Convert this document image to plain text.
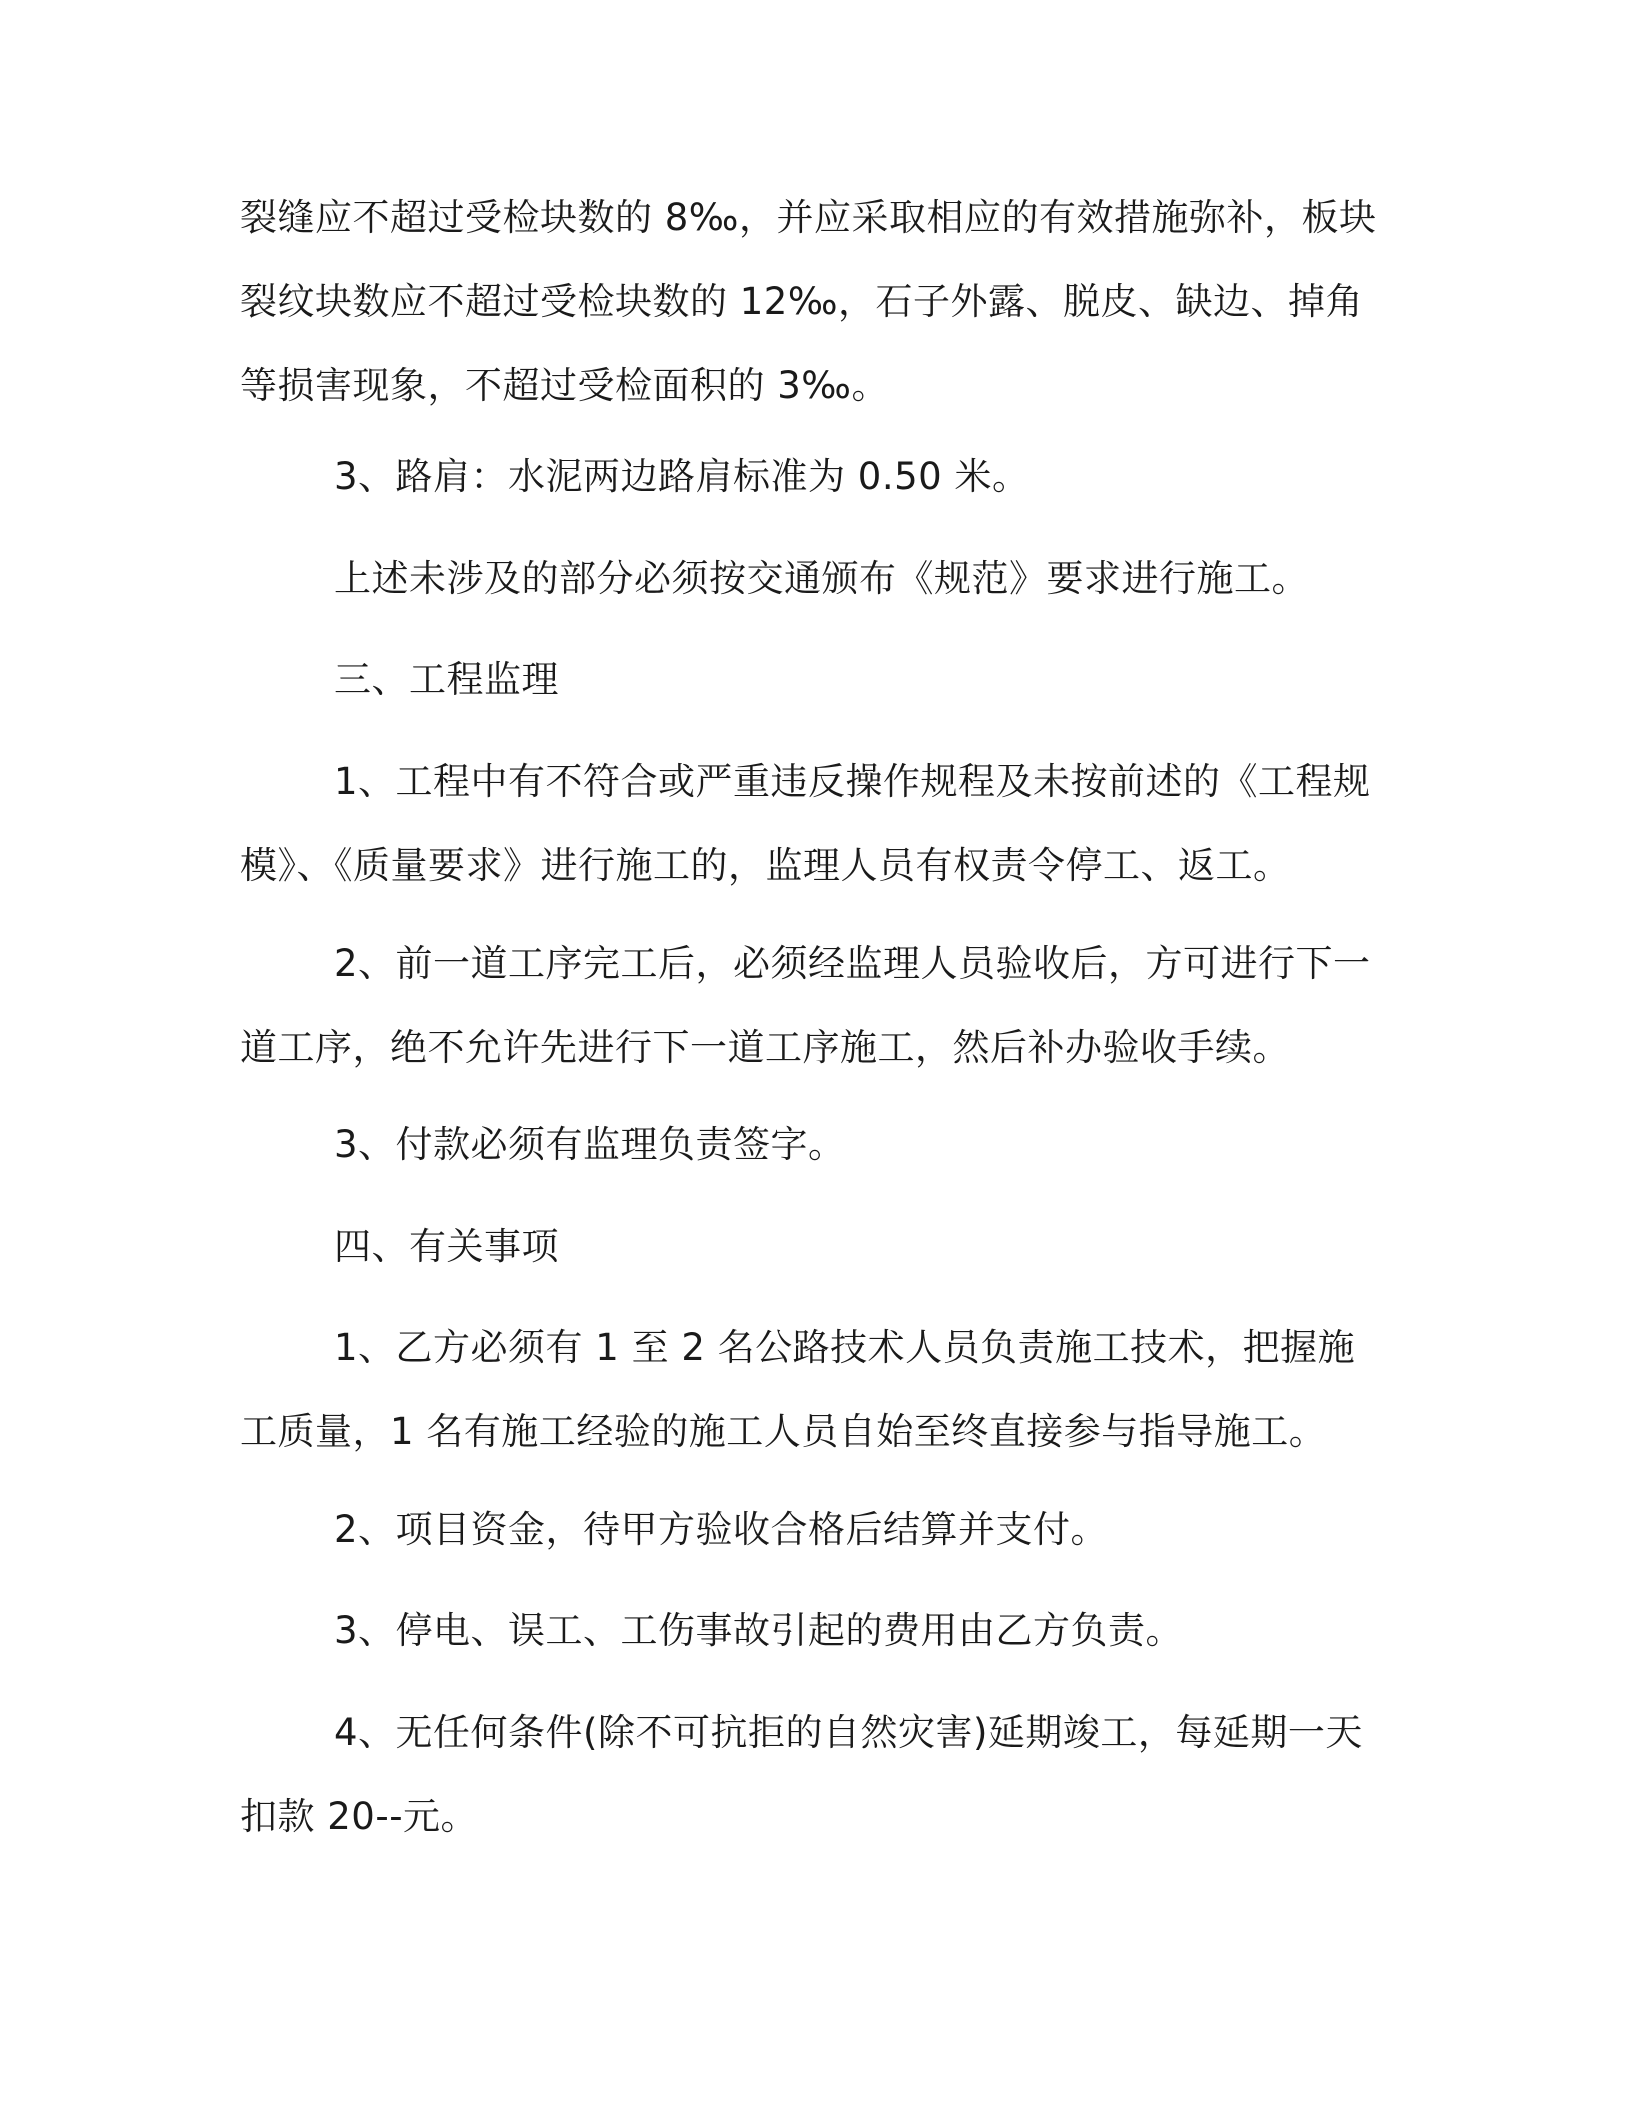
裂缝应不超过受检块数的 8‰，并应采取相应的有效措施弥补，板块裂纹块数应不超过受检块数的 12‰，石子外露、脱皮、缺边、掉角等损害现象，不超过受检面积的 3‰。
3、路肩：水泥两边路肩标准为 0.50 米。
上述未涉及的部分必须按交通颁布《规范》要求进行施工。
三、工程监理
1、工程中有不符合或严重违反操作规程及未按前述的《工程规模》、《质量要求》进行施工的，监理人员有权责令停工、返工。
2、前一道工序完工后，必须经监理人员验收后，方可进行下一道工序，绝不允许先进行下一道工序施工，然后补办验收手续。
3、付款必须有监理负责签字。
四、有关事项
1、乙方必须有 1 至 2 名公路技术人员负责施工技术，把握施工质量，1 名有施工经验的施工人员自始至终直接参与指导施工。
2、项目资金，待甲方验收合格后结算并支付。
3、停电、误工、工伤事故引起的费用由乙方负责。
4、无任何条件(除不可抗拒的自然灾害)延期竣工，每延期一天扣款 20--元。
